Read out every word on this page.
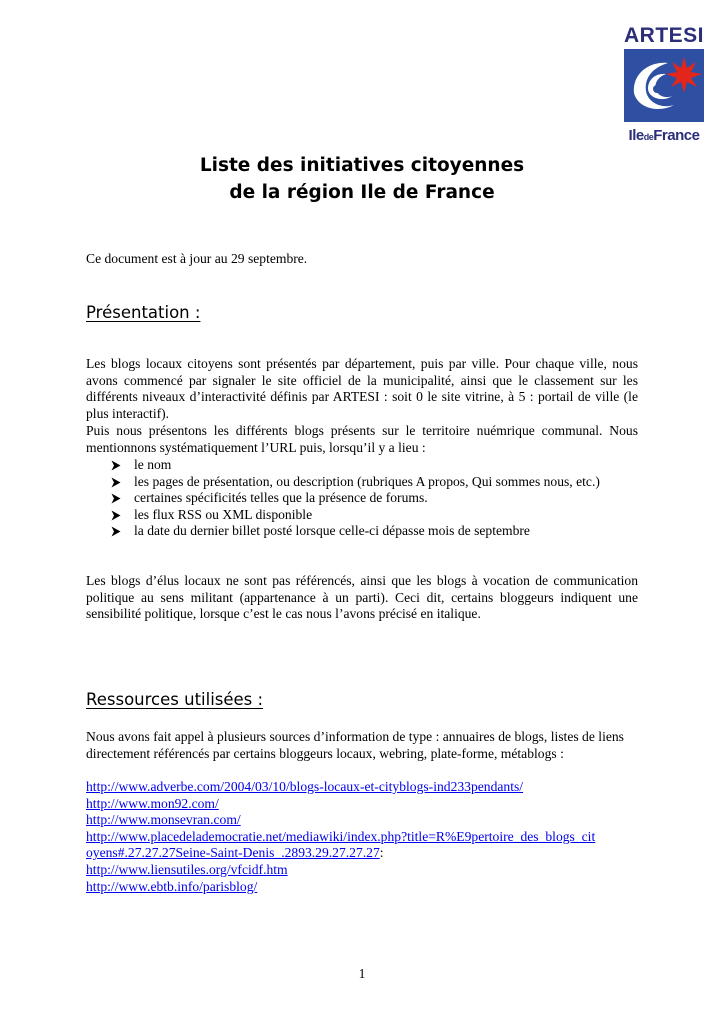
ARTESI
IledeFrance
Liste des initiatives citoyennes
de la région Ile de France

Ce document est à jour au 29 septembre.

Présentation :

Les blogs locaux citoyens sont présentés par département, puis par ville. Pour chaque ville, nous avons commencé par signaler le site officiel de la municipalité, ainsi que le classement sur les différents niveaux d’interactivité définis par ARTESI : soit 0 le site vitrine, à 5 : portail de ville (le plus interactif).

Puis nous présentons les différents blogs présents sur le territoire nuémrique communal. Nous mentionnons systématiquement l’URL puis, lorsqu’il y a lieu :

le nom
les pages de présentation, ou description (rubriques A propos, Qui sommes nous, etc.)
certaines spécificités telles que la présence de forums.
les flux RSS ou XML disponible
la date du dernier billet posté lorsque celle-ci dépasse mois de septembre

Les blogs d’élus locaux ne sont pas référencés, ainsi que les blogs à vocation de communication politique au sens militant (appartenance à un parti). Ceci dit, certains bloggeurs indiquent une sensibilité politique, lorsque c’est le cas nous l’avons précisé en italique.

Ressources utilisées :

Nous avons fait appel à plusieurs sources d’information de type : annuaires de blogs, listes de liens directement référencés par certains bloggeurs locaux, webring, plate-forme, métablogs :

http://www.adverbe.com/2004/03/10/blogs-locaux-et-cityblogs-ind233pendants/
http://www.mon92.com/
http://www.monsevran.com/
http://www.placedelademocratie.net/mediawiki/index.php?title=R%E9pertoire_des_blogs_cit
oyens#.27.27.27Seine-Saint-Denis_.2893.29.27.27.27:
http://www.liensutiles.org/vfcidf.htm
http://www.ebtb.info/parisblog/
1
